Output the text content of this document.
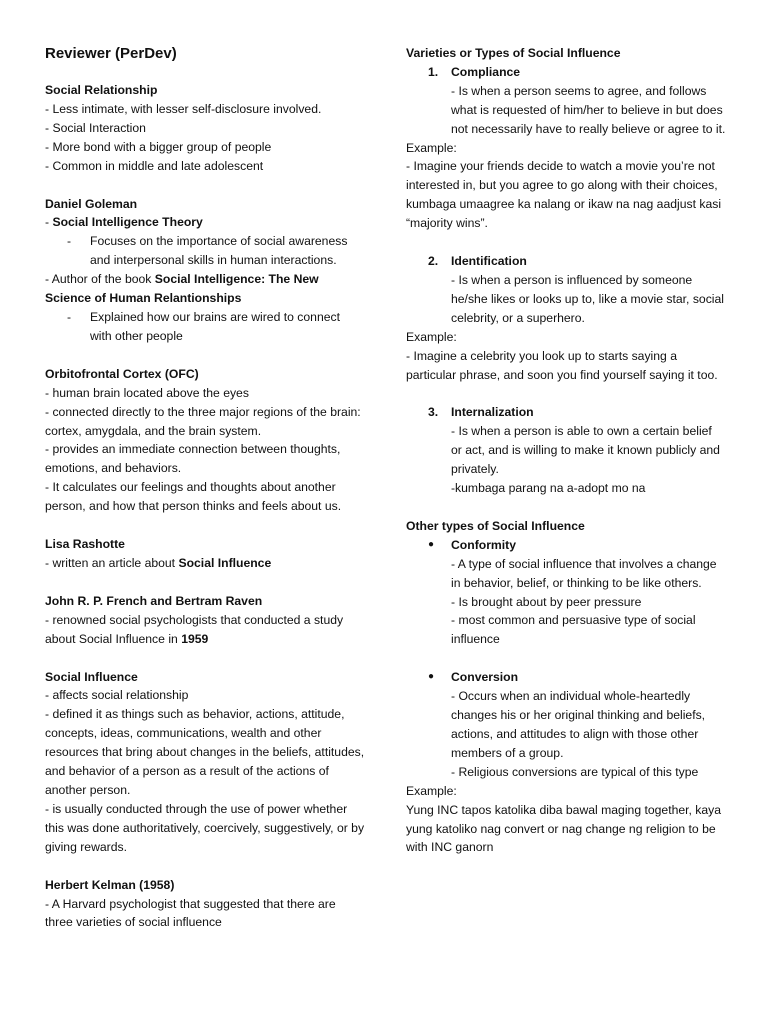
Reviewer (PerDev)

Social Relationship

- Less intimate, with lesser self-disclosure involved.

- Social Interaction

- More bond with a bigger group of people

- Common in middle and late adolescent

Daniel Goleman

- Social Intelligence Theory

- Focuses on the importance of social awareness and interpersonal skills in human interactions.

- Author of the book Social Intelligence: The New Science of Human Relantionships

- Explained how our brains are wired to connect with other people

Orbitofrontal Cortex (OFC)

- human brain located above the eyes

- connected directly to the three major regions of the brain: cortex, amygdala, and the brain system.

- provides an immediate connection between thoughts, emotions, and behaviors.

- It calculates our feelings and thoughts about another person, and how that person thinks and feels about us.

Lisa Rashotte

- written an article about Social Influence

John R. P. French and Bertram Raven

- renowned social psychologists that conducted a study about Social Influence in 1959

Social Influence

- affects social relationship

- defined it as things such as behavior, actions, attitude, concepts, ideas, communications, wealth and other resources that bring about changes in the beliefs, attitudes, and behavior of a person as a result of the actions of another person.

- is usually conducted through the use of power whether this was done authoritatively, coercively, suggestively, or by giving rewards.

Herbert Kelman (1958)

- A Harvard psychologist that suggested that there are three varieties of social influence

Varieties or Types of Social Influence

1. Compliance

- Is when a person seems to agree, and follows what is requested of him/her to believe in but does not necessarily have to really believe or agree to it.

Example:

- Imagine your friends decide to watch a movie you’re not interested in, but you agree to go along with their choices, kumbaga umaagree ka nalang or ikaw na nag aadjust kasi “majority wins”.

2. Identification

- Is when a person is influenced by someone he/she likes or looks up to, like a movie star, social celebrity, or a superhero.

Example:

- Imagine a celebrity you look up to starts saying a particular phrase, and soon you find yourself saying it too.

3. Internalization

- Is when a person is able to own a certain belief or act, and is willing to make it known publicly and privately.

-kumbaga parang na a-adopt mo na

Other types of Social Influence

● Conformity

- A type of social influence that involves a change in behavior, belief, or thinking to be like others.

- Is brought about by peer pressure

- most common and persuasive type of social influence

● Conversion

- Occurs when an individual whole-heartedly changes his or her original thinking and beliefs, actions, and attitudes to align with those other members of a group.

- Religious conversions are typical of this type

Example:

Yung INC tapos katolika diba bawal maging together, kaya yung katoliko nag convert or nag change ng religion to be with INC ganorn
